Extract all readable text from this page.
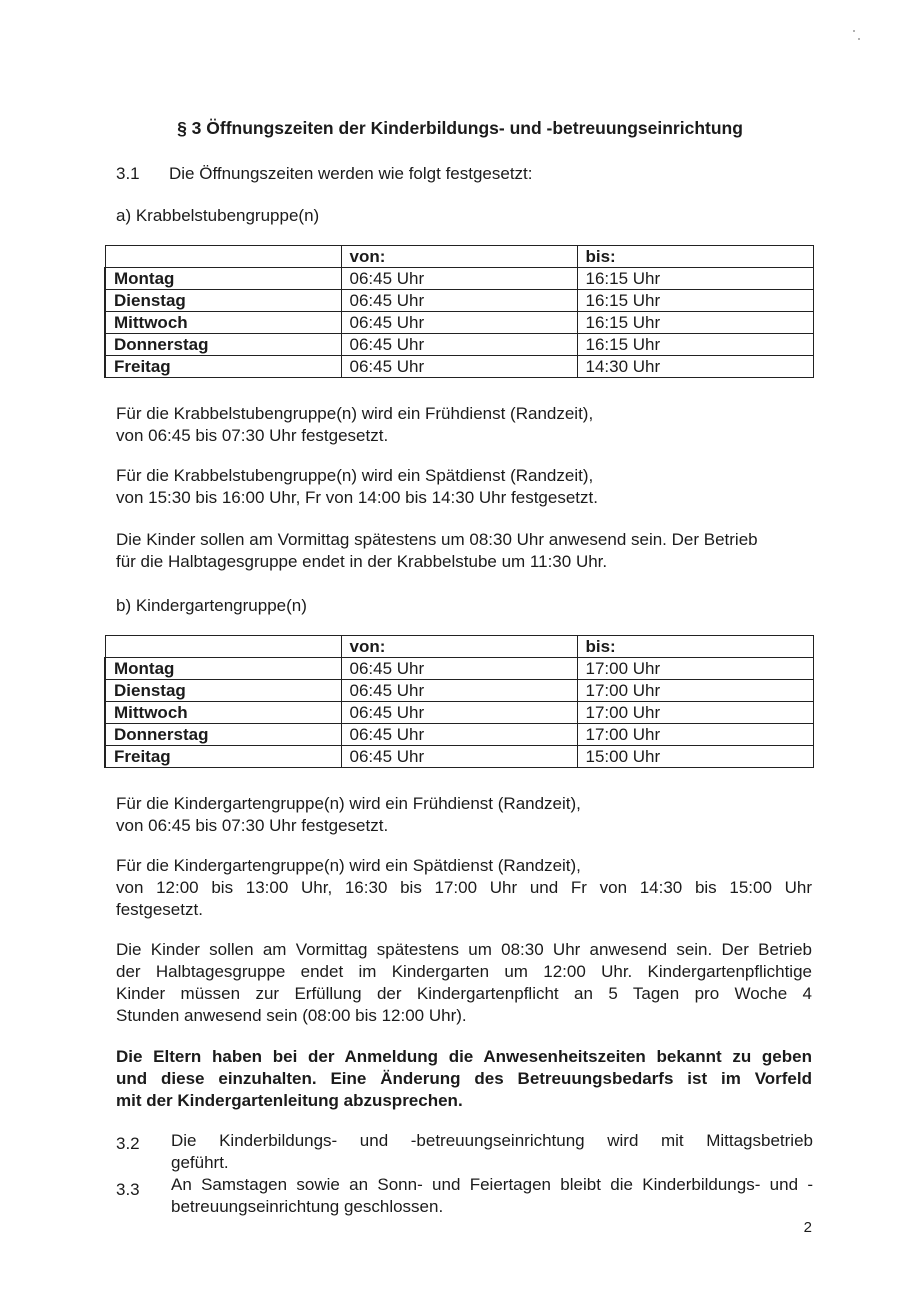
§ 3 Öffnungszeiten der Kinderbildungs- und -betreuungseinrichtung
3.1 Die Öffnungszeiten werden wie folgt festgesetzt:
a) Krabbelstubengruppe(n)
	von:	bis:
Montag	06:45 Uhr	16:15 Uhr
Dienstag	06:45 Uhr	16:15 Uhr
Mittwoch	06:45 Uhr	16:15 Uhr
Donnerstag	06:45 Uhr	16:15 Uhr
Freitag	06:45 Uhr	14:30 Uhr
Für die Krabbelstubengruppe(n) wird ein Frühdienst (Randzeit),
von 06:45 bis 07:30 Uhr festgesetzt.
Für die Krabbelstubengruppe(n) wird ein Spätdienst (Randzeit),
von 15:30 bis 16:00 Uhr, Fr von 14:00 bis 14:30 Uhr festgesetzt.
Die Kinder sollen am Vormittag spätestens um 08:30 Uhr anwesend sein. Der Betrieb
für die Halbtagesgruppe endet in der Krabbelstube um 11:30 Uhr.
b) Kindergartengruppe(n)
	von:	bis:
Montag	06:45 Uhr	17:00 Uhr
Dienstag	06:45 Uhr	17:00 Uhr
Mittwoch	06:45 Uhr	17:00 Uhr
Donnerstag	06:45 Uhr	17:00 Uhr
Freitag	06:45 Uhr	15:00 Uhr
Für die Kindergartengruppe(n) wird ein Frühdienst (Randzeit),
von 06:45 bis 07:30 Uhr festgesetzt.
Für die Kindergartengruppe(n) wird ein Spätdienst (Randzeit),
von 12:00 bis 13:00 Uhr, 16:30 bis 17:00 Uhr und Fr von 14:30 bis 15:00 Uhr
festgesetzt.
Die Kinder sollen am Vormittag spätestens um 08:30 Uhr anwesend sein. Der Betrieb
der Halbtagesgruppe endet im Kindergarten um 12:00 Uhr. Kindergartenpflichtige
Kinder müssen zur Erfüllung der Kindergartenpflicht an 5 Tagen pro Woche 4
Stunden anwesend sein (08:00 bis 12:00 Uhr).
Die Eltern haben bei der Anmeldung die Anwesenheitszeiten bekannt zu geben
und diese einzuhalten. Eine Änderung des Betreuungsbedarfs ist im Vorfeld
mit der Kindergartenleitung abzusprechen.
3.2 Die Kinderbildungs- und -betreuungseinrichtung wird mit Mittagsbetrieb
geführt.
3.3 An Samstagen sowie an Sonn- und Feiertagen bleibt die Kinderbildungs- und -
betreuungseinrichtung geschlossen.
2
